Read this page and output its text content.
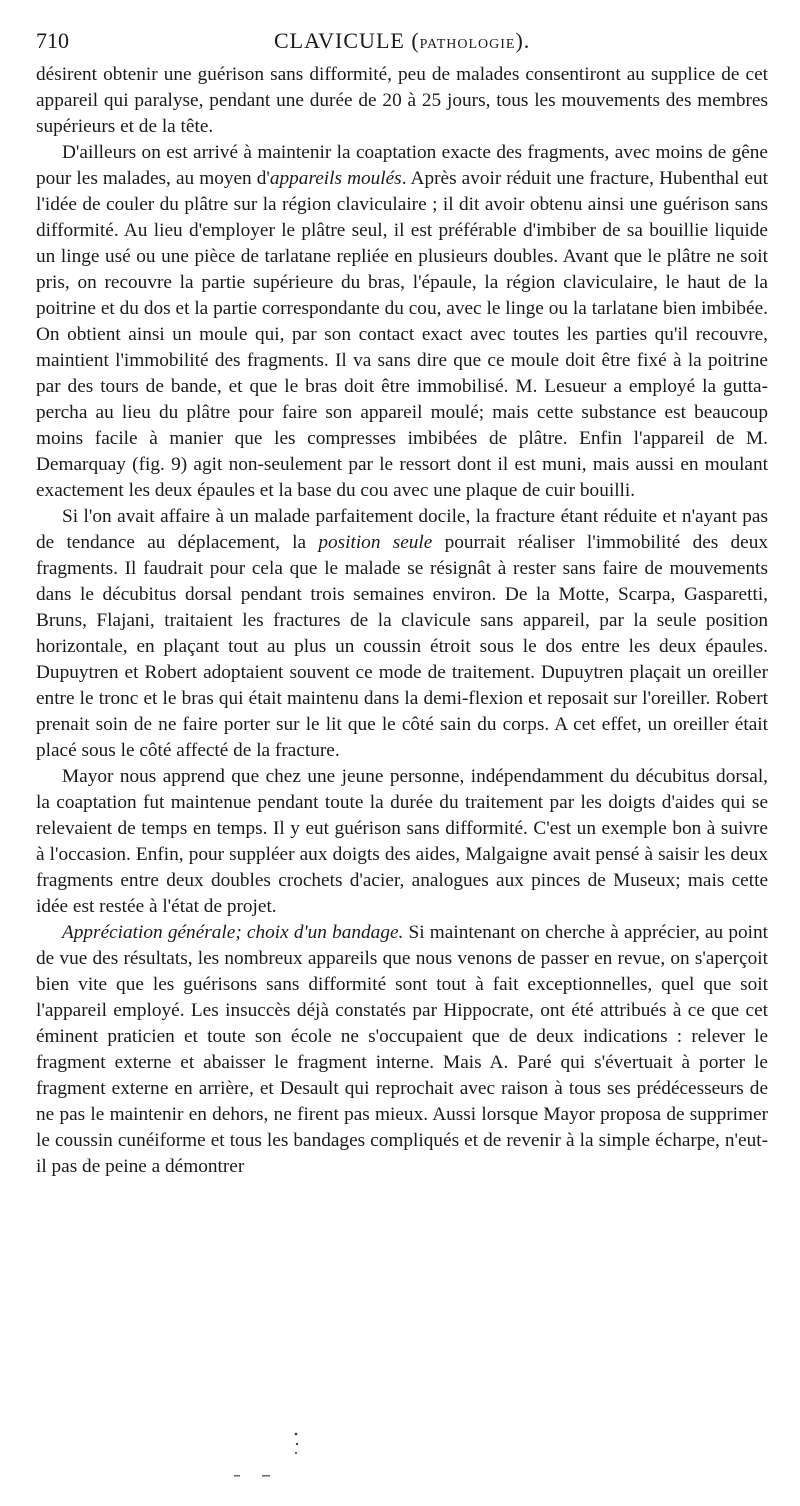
710	CLAVICULE (PATHOLOGIE).

désirent obtenir une guérison sans difformité, peu de malades consentiront au supplice de cet appareil qui paralyse, pendant une durée de 20 à 25 jours, tous les mouvements des membres supérieurs et de la tête.

D'ailleurs on est arrivé à maintenir la coaptation exacte des fragments, avec moins de gêne pour les malades, au moyen d'appareils moulés. Après avoir réduit une fracture, Hubenthal eut l'idée de couler du plâtre sur la région claviculaire ; il dit avoir obtenu ainsi une guérison sans difformité. Au lieu d'employer le plâtre seul, il est préférable d'imbiber de sa bouillie liquide un linge usé ou une pièce de tarlatane repliée en plusieurs doubles. Avant que le plâtre ne soit pris, on recouvre la partie supérieure du bras, l'épaule, la région claviculaire, le haut de la poitrine et du dos et la partie correspondante du cou, avec le linge ou la tarlatane bien imbibée. On obtient ainsi un moule qui, par son contact exact avec toutes les parties qu'il recouvre, maintient l'immobilité des fragments. Il va sans dire que ce moule doit être fixé à la poitrine par des tours de bande, et que le bras doit être immobilisé. M. Lesueur a employé la gutta-percha au lieu du plâtre pour faire son appareil moulé; mais cette substance est beaucoup moins facile à manier que les compresses imbibées de plâtre. Enfin l'appareil de M. Demarquay (fig. 9) agit non-seulement par le ressort dont il est muni, mais aussi en moulant exactement les deux épaules et la base du cou avec une plaque de cuir bouilli.

Si l'on avait affaire à un malade parfaitement docile, la fracture étant réduite et n'ayant pas de tendance au déplacement, la position seule pourrait réaliser l'immobilité des deux fragments. Il faudrait pour cela que le malade se résignât à rester sans faire de mouvements dans le décubitus dorsal pendant trois semaines environ. De la Motte, Scarpa, Gasparetti, Bruns, Flajani, traitaient les fractures de la clavicule sans appareil, par la seule position horizontale, en plaçant tout au plus un coussin étroit sous le dos entre les deux épaules. Dupuytren et Robert adoptaient souvent ce mode de traitement. Dupuytren plaçait un oreiller entre le tronc et le bras qui était maintenu dans la demi-flexion et reposait sur l'oreiller. Robert prenait soin de ne faire porter sur le lit que le côté sain du corps. A cet effet, un oreiller était placé sous le côté affecté de la fracture.

Mayor nous apprend que chez une jeune personne, indépendamment du décubitus dorsal, la coaptation fut maintenue pendant toute la durée du traitement par les doigts d'aides qui se relevaient de temps en temps. Il y eut guérison sans difformité. C'est un exemple bon à suivre à l'occasion. Enfin, pour suppléer aux doigts des aides, Malgaigne avait pensé à saisir les deux fragments entre deux doubles crochets d'acier, analogues aux pinces de Museux; mais cette idée est restée à l'état de projet.

Appréciation générale; choix d'un bandage. Si maintenant on cherche à apprécier, au point de vue des résultats, les nombreux appareils que nous venons de passer en revue, on s'aperçoit bien vite que les guérisons sans difformité sont tout à fait exceptionnelles, quel que soit l'appareil employé. Les insuccès déjà constatés par Hippocrate, ont été attribués à ce que cet éminent praticien et toute son école ne s'occupaient que de deux indications : relever le fragment externe et abaisser le fragment interne. Mais A. Paré qui s'évertuait à porter le fragment externe en arrière, et Desault qui reprochait avec raison à tous ses prédécesseurs de ne pas le maintenir en dehors, ne firent pas mieux. Aussi lorsque Mayor proposa de supprimer le coussin cunéiforme et tous les bandages compliqués et de revenir à la simple écharpe, n'eut-il pas de peine a démontrer
